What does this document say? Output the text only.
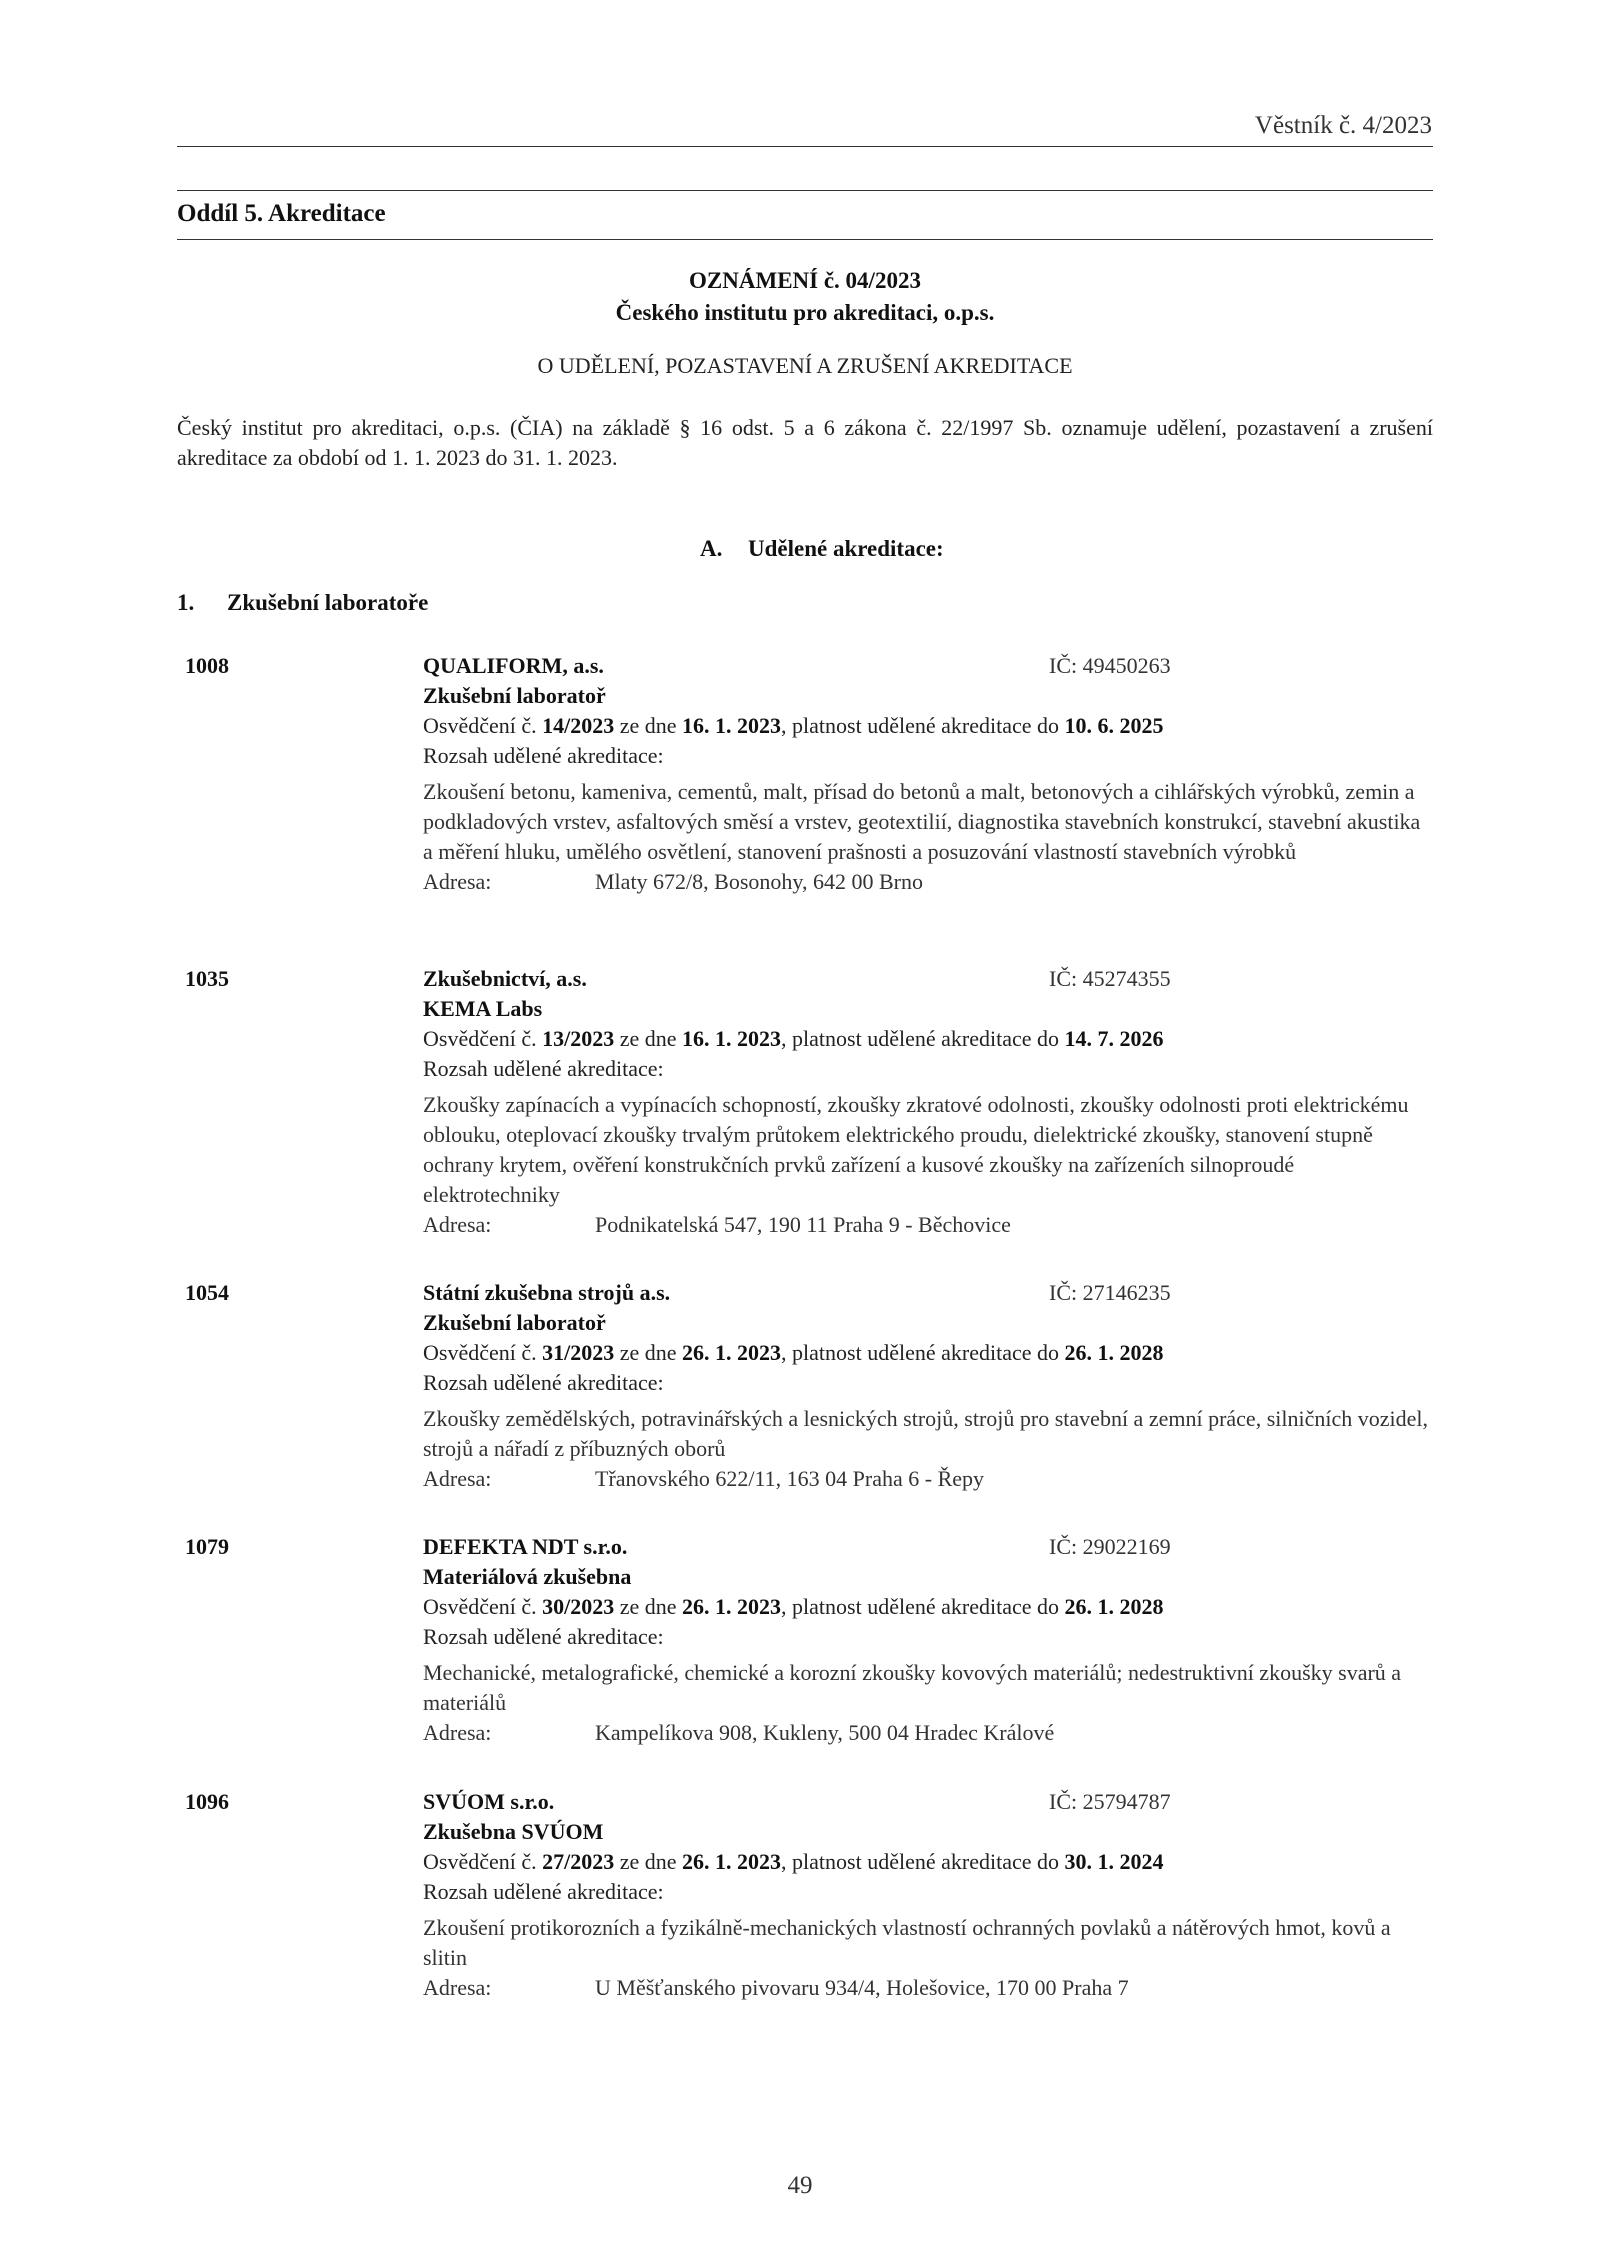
Věstník č. 4/2023
Oddíl 5. Akreditace
OZNÁMENÍ č. 04/2023
Českého institutu pro akreditaci, o.p.s.
O UDĚLENÍ, POZASTAVENÍ A ZRUŠENÍ AKREDITACE
Český institut pro akreditaci, o.p.s. (ČIA) na základě § 16 odst. 5 a 6 zákona č. 22/1997 Sb. oznamuje udělení, pozastavení a zrušení akreditace za období od 1. 1. 2023 do 31. 1. 2023.
A. Udělené akreditace:
1. Zkušební laboratoře
1008	QUALIFORM, a.s.	IČ: 49450263
Zkušební laboratoř
Osvědčení č. 14/2023 ze dne 16. 1. 2023, platnost udělené akreditace do 10. 6. 2025
Rozsah udělené akreditace:
Zkoušení betonu, kameniva, cementů, malt, přísad do betonů a malt, betonových a cihlářských výrobků, zemin a podkladových vrstev, asfaltových směsí a vrstev, geotextilií, diagnostika stavebních konstrukcí, stavební akustika a měření hluku, umělého osvětlení, stanovení prašnosti a posuzování vlastností stavebních výrobků
Adresa:	Mlaty 672/8, Bosonohy, 642 00 Brno
1035	Zkušebnictví, a.s.	IČ: 45274355
KEMA Labs
Osvědčení č. 13/2023 ze dne 16. 1. 2023, platnost udělené akreditace do 14. 7. 2026
Rozsah udělené akreditace:
Zkoušky zapínacích a vypínacích schopností, zkoušky zkratové odolnosti, zkoušky odolnosti proti elektrickému oblouku, oteplovací zkoušky trvalým průtokem elektrického proudu, dielektrické zkoušky, stanovení stupně ochrany krytem, ověření konstrukčních prvků zařízení a kusové zkoušky na zařízeních silnoproudé elektrotechniky
Adresa:	Podnikatelská 547, 190 11 Praha 9 - Běchovice
1054	Státní zkušebna strojů a.s.	IČ: 27146235
Zkušební laboratoř
Osvědčení č. 31/2023 ze dne 26. 1. 2023, platnost udělené akreditace do 26. 1. 2028
Rozsah udělené akreditace:
Zkoušky zemědělských, potravinářských a lesnických strojů, strojů pro stavební a zemní práce, silničních vozidel, strojů a nářadí z příbuzných oborů
Adresa:	Třanovského 622/11, 163 04 Praha 6 - Řepy
1079	DEFEKTA NDT s.r.o.	IČ: 29022169
Materiálová zkušebna
Osvědčení č. 30/2023 ze dne 26. 1. 2023, platnost udělené akreditace do 26. 1. 2028
Rozsah udělené akreditace:
Mechanické, metalografické, chemické a korozní zkoušky kovových materiálů; nedestruktivní zkoušky svarů a materiálů
Adresa:	Kampelíkova 908, Kukleny, 500 04 Hradec Králové
1096	SVÚOM s.r.o.	IČ: 25794787
Zkušebna SVÚOM
Osvědčení č. 27/2023 ze dne 26. 1. 2023, platnost udělené akreditace do 30. 1. 2024
Rozsah udělené akreditace:
Zkoušení protikorozních a fyzikálně-mechanických vlastností ochranných povlaků a nátěrových hmot, kovů a slitin
Adresa:	U Měšťanského pivovaru 934/4, Holešovice, 170 00 Praha 7
49
